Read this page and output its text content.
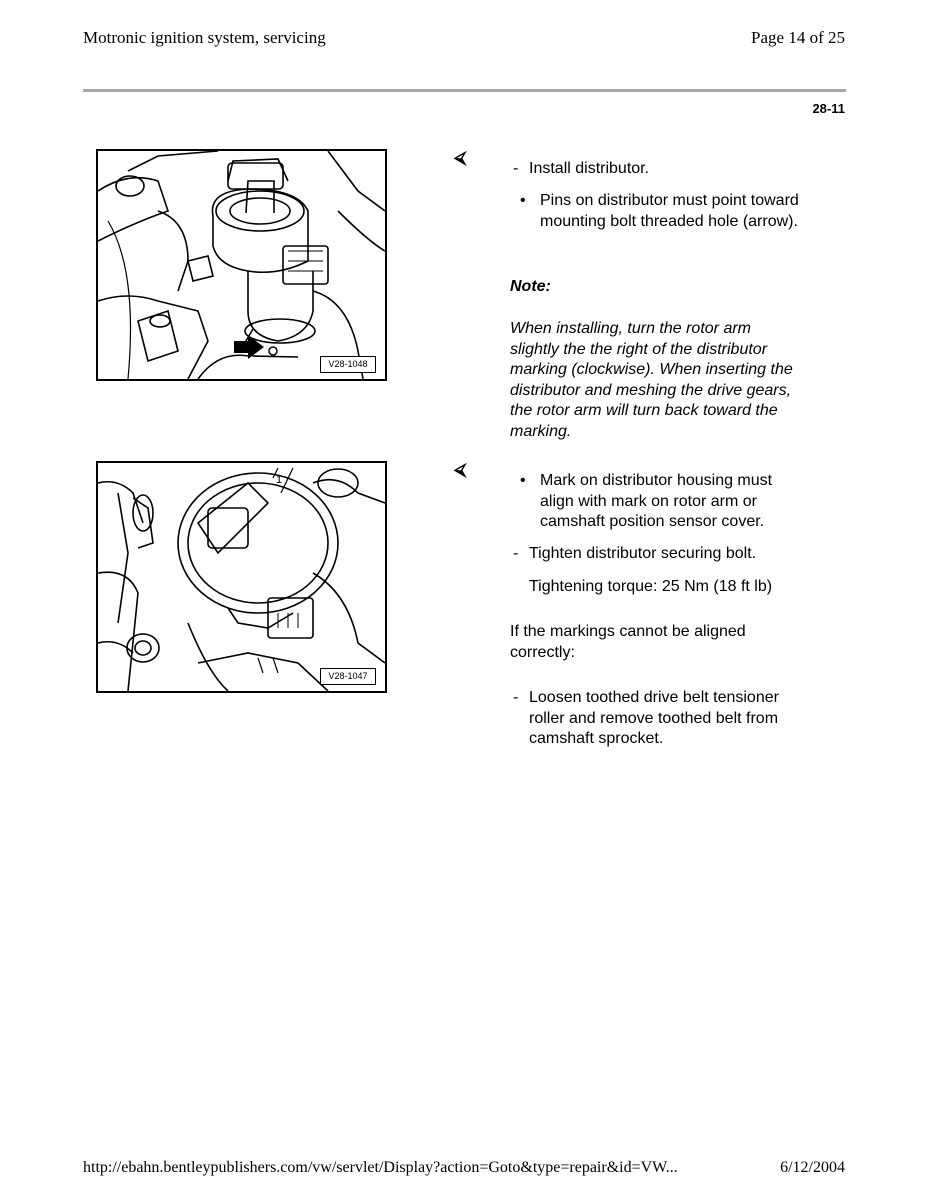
Motronic ignition system, servicing	Page 14 of 25
28-11
V28-1048
1
V28-1047
⮘
- Install distributor.

• Pins on distributor must point toward mounting bolt threaded hole (arrow).

Note:

When installing, turn the rotor arm

slightly the the right of the distributor

marking (clockwise). When inserting the

distributor and meshing the drive gears,

the rotor arm will turn back toward the

marking.

⮘
• Mark on distributor housing must

align with mark on rotor arm or

camshaft position sensor cover.

- Tighten distributor securing bolt.

Tightening torque: 25 Nm (18 ft lb)

If the markings cannot be aligned

correctly:

- Loosen toothed drive belt tensioner

roller and remove toothed belt from

camshaft sprocket.

http://ebahn.bentleypublishers.com/vw/servlet/Display?action=Goto&type=repair&id=VW...	6/12/2004
